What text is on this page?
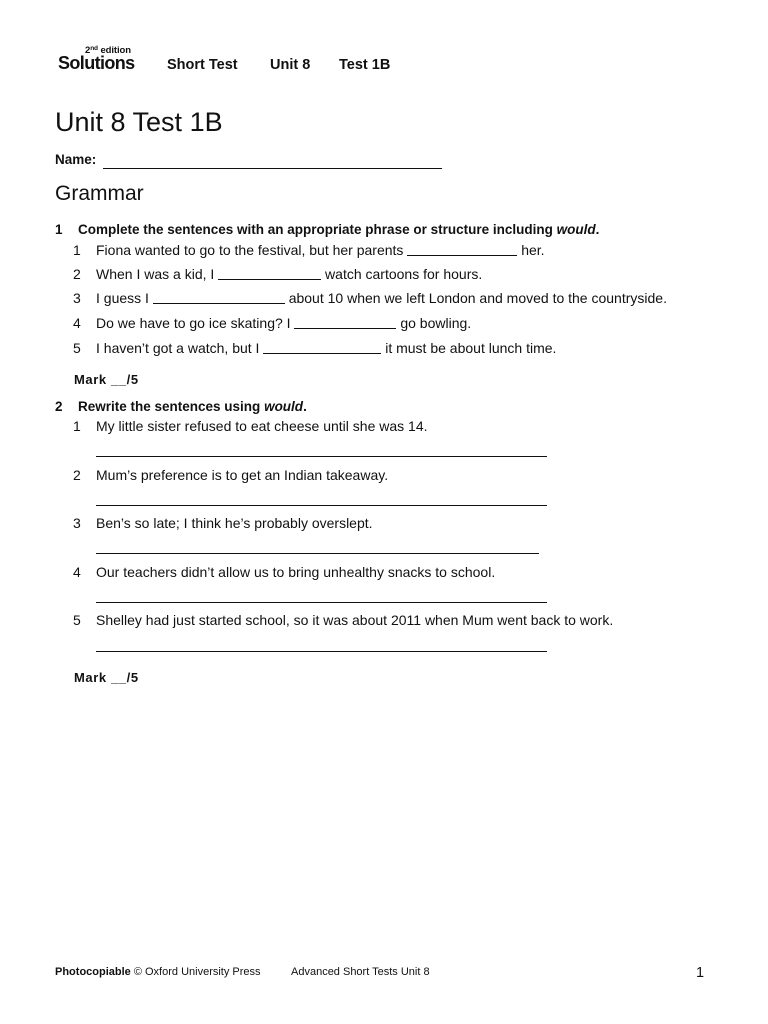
2nd edition
Solutions Short Test Unit 8 Test 1B
Unit 8 Test 1B
Name:
Grammar
1 Complete the sentences with an appropriate phrase or structure including would.
1 Fiona wanted to go to the festival, but her parents	her.
2 When I was a kid, I	watch cartoons for hours.
3 I guess I	about 10 when we left London and moved to the countryside.
4 Do we have to go ice skating? I	go bowling.
5 I haven’t got a watch, but I	it must be about lunch time.
Mark __/5
2 Rewrite the sentences using would.
1 My little sister refused to eat cheese until she was 14.
2 Mum’s preference is to get an Indian takeaway.
3 Ben’s so late; I think he’s probably overslept.
4 Our teachers didn’t allow us to bring unhealthy snacks to school.
5 Shelley had just started school, so it was about 2011 when Mum went back to work.
Mark __/5
Photocopiable © Oxford University Press	Advanced Short Tests Unit 8	1
